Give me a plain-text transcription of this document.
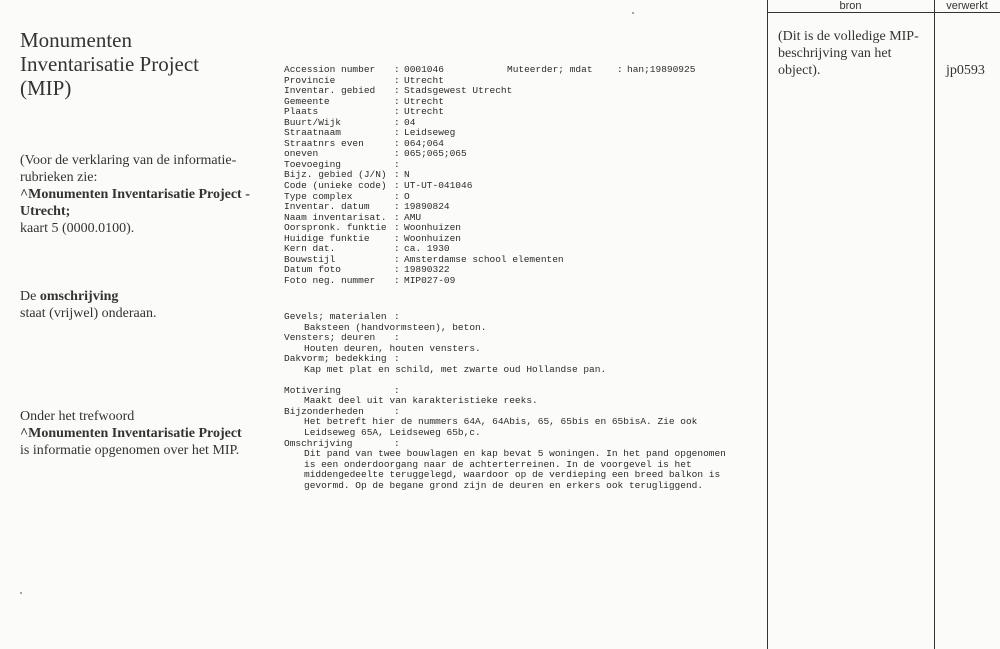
Monumenten Inventarisatie Project (MIP)
(Voor de verklaring van de informatie-rubrieken zie:
^Monumenten Inventarisatie Project - Utrecht;
kaart 5 (0000.0100).
De omschrijving
staat (vrijwel) onderaan.
Onder het trefwoord
^Monumenten Inventarisatie Project is informatie opgenomen over het MIP.
Accession number	: 0001046	Muteerder; mdat	: han;19890925
Provincie	: Utrecht
Inventar. gebied	: Stadsgewest Utrecht
Gemeente	: Utrecht
Plaats	: Utrecht
Buurt/Wijk	: 04
Straatnaam	: Leidseweg
Straatnrs even	: 064;064
oneven	: 065;065;065
Toevoeging	:
Bijz. gebied (J/N) : N
Code (unieke code) : UT-UT-041046
Type complex	: O
Inventar. datum	: 19890824
Naam inventarisat. : AMU
Oorspronk. funktie : Woonhuizen
Huidige funktie	: Woonhuizen
Kern dat.	: ca. 1930
Bouwstijl	: Amsterdamse school elementen
Datum foto	: 19890322
Foto neg. nummer	: MIP027-09
Gevels; materialen :
Baksteen (handvormsteen), beton.
Vensters; deuren	:
Houten deuren, houten vensters.
Dakvorm; bedekking :
Kap met plat en schild, met zwarte oud Hollandse pan.
Motivering	:
Maakt deel uit van karakteristieke reeks.
Bijzonderheden	:
Het betreft hier de nummers 64A, 64Abis, 65, 65bis en 65bisA. Zie ook
Leidseweg 65A, Leidseweg 65b,c.
Omschrijving	:
Dit pand van twee bouwlagen en kap bevat 5 woningen. In het pand opgenomen
is een onderdoorgang naar de achterterreinen. In de voorgevel is het
middengedeelte teruggelegd, waardoor op de verdieping een breed balkon is
gevormd. Op de begane grond zijn de deuren en erkers ook terugliggend.
bron	verwerkt
(Dit is de volledige MIP-beschrijving van het object).	jp0593
